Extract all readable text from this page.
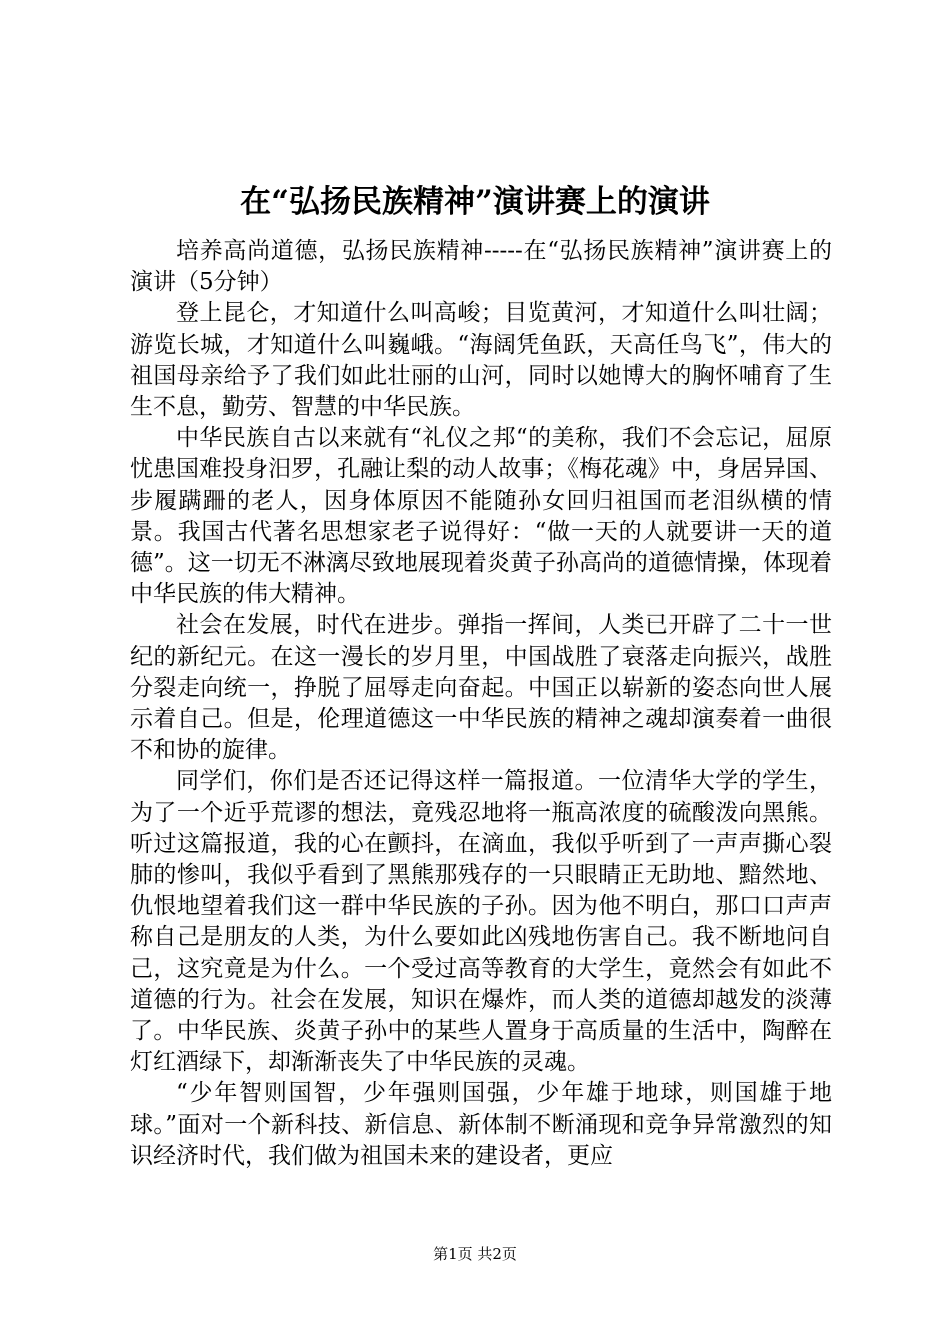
在“弘扬民族精神”演讲赛上的演讲

培养高尚道德，弘扬民族精神-----在“弘扬民族精神”演讲赛上的演讲（5分钟）

登上昆仑，才知道什么叫高峻；目览黄河，才知道什么叫壮阔；游览长城，才知道什么叫巍峨。“海阔凭鱼跃，天高任鸟飞”，伟大的祖国母亲给予了我们如此壮丽的山河，同时以她博大的胸怀哺育了生生不息，勤劳、智慧的中华民族。

中华民族自古以来就有“礼仪之邦“的美称，我们不会忘记，屈原忧患国难投身汨罗，孔融让梨的动人故事；《梅花魂》中，身居异国、步履蹒跚的老人，因身体原因不能随孙女回归祖国而老泪纵横的情景。我国古代著名思想家老子说得好：“做一天的人就要讲一天的道德”。这一切无不淋漓尽致地展现着炎黄子孙高尚的道德情操，体现着中华民族的伟大精神。

社会在发展，时代在进步。弹指一挥间，人类已开辟了二十一世纪的新纪元。在这一漫长的岁月里，中国战胜了衰落走向振兴，战胜分裂走向统一，挣脱了屈辱走向奋起。中国正以崭新的姿态向世人展示着自己。但是，伦理道德这一中华民族的精神之魂却演奏着一曲很不和协的旋律。

同学们，你们是否还记得这样一篇报道。一位清华大学的学生，为了一个近乎荒谬的想法，竟残忍地将一瓶高浓度的硫酸泼向黑熊。听过这篇报道，我的心在颤抖，在滴血，我似乎听到了一声声撕心裂肺的惨叫，我似乎看到了黑熊那残存的一只眼睛正无助地、黯然地、仇恨地望着我们这一群中华民族的子孙。因为他不明白，那口口声声称自己是朋友的人类，为什么要如此凶残地伤害自己。我不断地问自己，这究竟是为什么。一个受过高等教育的大学生，竟然会有如此不道德的行为。社会在发展，知识在爆炸，而人类的道德却越发的淡薄了。中华民族、炎黄子孙中的某些人置身于高质量的生活中，陶醉在灯红酒绿下，却渐渐丧失了中华民族的灵魂。

“少年智则国智，少年强则国强，少年雄于地球，则国雄于地球。”面对一个新科技、新信息、新体制不断涌现和竞争异常激烈的知识经济时代，我们做为祖国未来的建设者，更应

第1页 共2页
